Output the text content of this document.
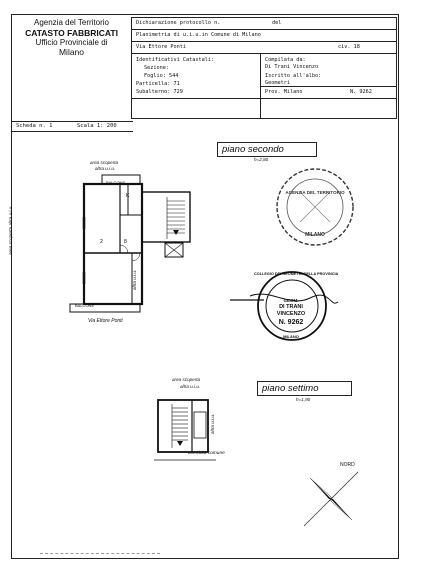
Agenzia del Territorio
CATASTO FABBRICATI
Ufficio Provinciale di
Milano
Dichiarazione protocollo n.	del
Planimetria di u.i.u.in Comune di Milano
Via Ettore Ponti	civ. 18
Identificativi Catastali:
Sezione:
Foglio: 544
Particella: 71
Subalterno: 729
Compilata da:
Di Trani Vincenzo
Iscritto all'albo:
Geometri
Prov. Milano	N. 9262
Scheda n. 1	Scala 1: 200
piano secondo
h=2,80
2	8
K
area scoperta
altra u.i.u.
BALCONE
BALCONE
Via Ettore Ponti
area scoperta altra u.i.u.
altra u.i.u.
AGENZIA DEL TERRITORIO
MILANO
COLLEGIO DEI GEOMETRI DELLA PROVINCIA
GEOM.
DI TRANI
VINCENZO
N. 9262
MILANO
area scoperta
altra u.i.u.	piano settimo
h=1,90
corridoio comune
altra u.i.u.
NORD
